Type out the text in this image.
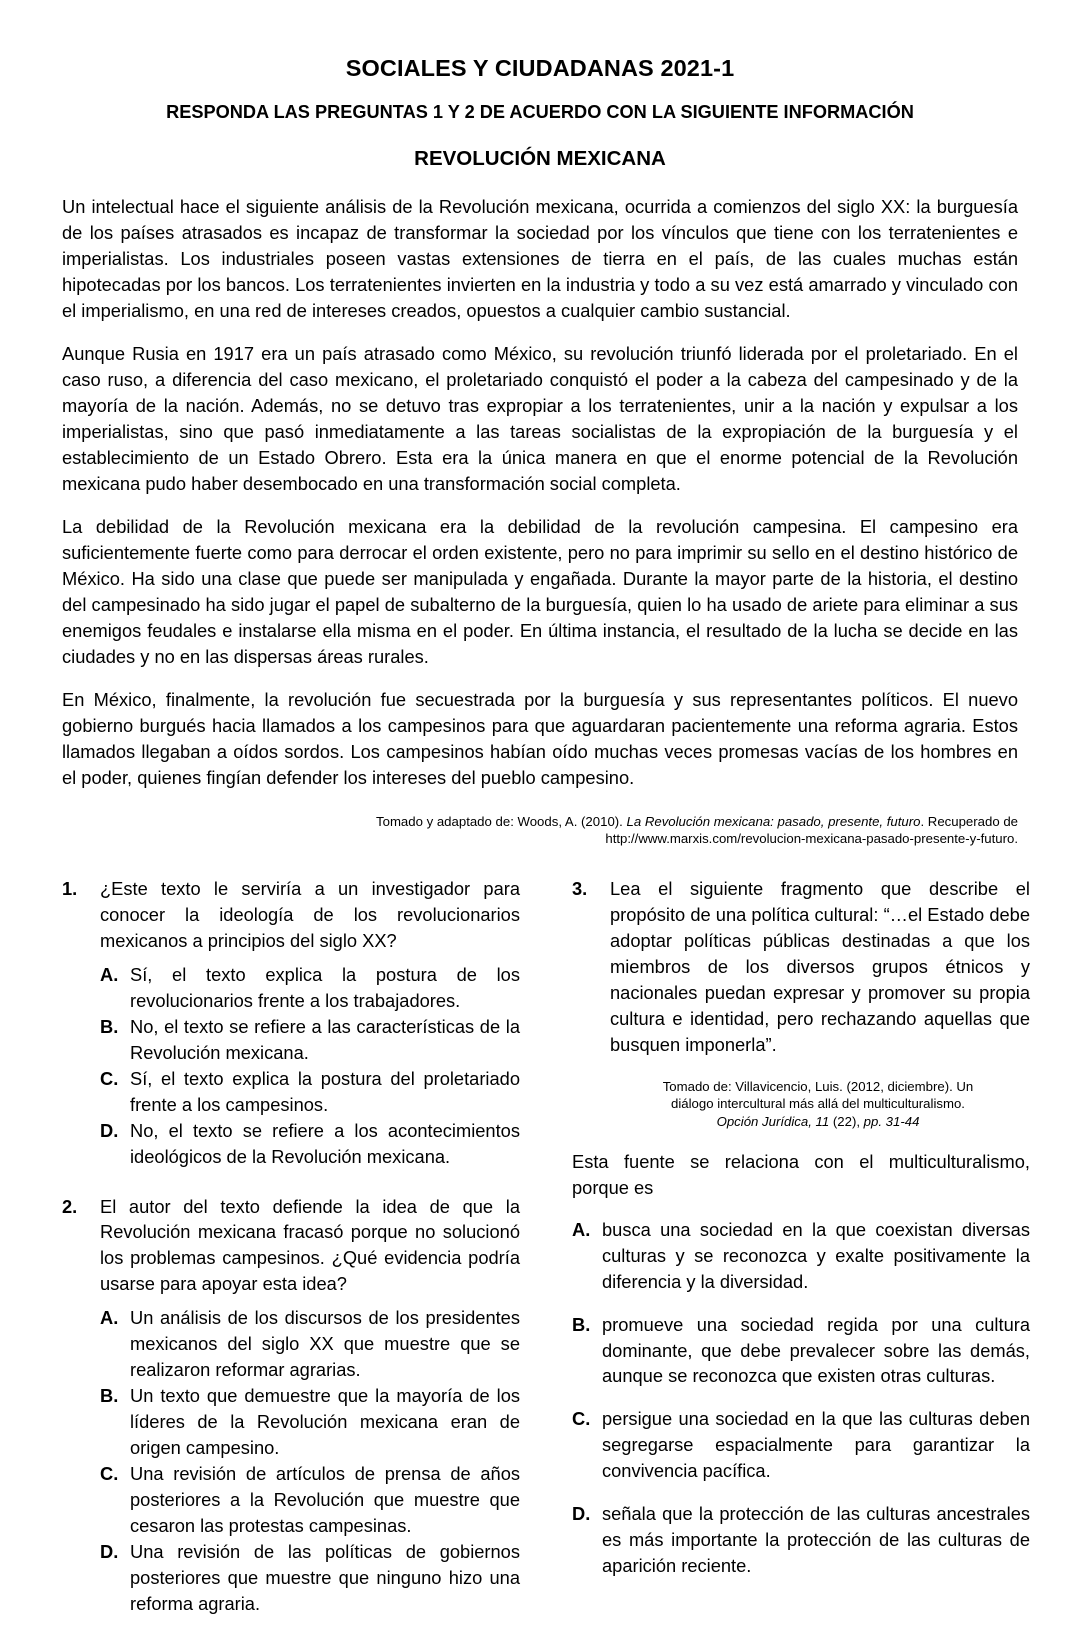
SOCIALES Y CIUDADANAS 2021-1
RESPONDA LAS PREGUNTAS 1 Y 2 DE ACUERDO CON LA SIGUIENTE INFORMACIÓN
REVOLUCIÓN MEXICANA

Un intelectual hace el siguiente análisis de la Revolución mexicana, ocurrida a comienzos del siglo XX: la burguesía de los países atrasados es incapaz de transformar la sociedad por los vínculos que tiene con los terratenientes e imperialistas. Los industriales poseen vastas extensiones de tierra en el país, de las cuales muchas están hipotecadas por los bancos. Los terratenientes invierten en la industria y todo a su vez está amarrado y vinculado con el imperialismo, en una red de intereses creados, opuestos a cualquier cambio sustancial.

Aunque Rusia en 1917 era un país atrasado como México, su revolución triunfó liderada por el proletariado. En el caso ruso, a diferencia del caso mexicano, el proletariado conquistó el poder a la cabeza del campesinado y de la mayoría de la nación. Además, no se detuvo tras expropiar a los terratenientes, unir a la nación y expulsar a los imperialistas, sino que pasó inmediatamente a las tareas socialistas de la expropiación de la burguesía y el establecimiento de un Estado Obrero. Esta era la única manera en que el enorme potencial de la Revolución mexicana pudo haber desembocado en una transformación social completa.

La debilidad de la Revolución mexicana era la debilidad de la revolución campesina. El campesino era suficientemente fuerte como para derrocar el orden existente, pero no para imprimir su sello en el destino histórico de México. Ha sido una clase que puede ser manipulada y engañada. Durante la mayor parte de la historia, el destino del campesinado ha sido jugar el papel de subalterno de la burguesía, quien lo ha usado de ariete para eliminar a sus enemigos feudales e instalarse ella misma en el poder. En última instancia, el resultado de la lucha se decide en las ciudades y no en las dispersas áreas rurales.

En México, finalmente, la revolución fue secuestrada por la burguesía y sus representantes políticos. El nuevo gobierno burgués hacia llamados a los campesinos para que aguardaran pacientemente una reforma agraria. Estos llamados llegaban a oídos sordos. Los campesinos habían oído muchas veces promesas vacías de los hombres en el poder, quienes fingían defender los intereses del pueblo campesino.

Tomado y adaptado de: Woods, A. (2010). La Revolución mexicana: pasado, presente, futuro. Recuperado de
http://www.marxis.com/revolucion-mexicana-pasado-presente-y-futuro.
1.	¿Este texto le serviría a un investigador para conocer la ideología de los revolucionarios mexicanos a principios del siglo XX?
A. Sí, el texto explica la postura de los revolucionarios frente a los trabajadores.
B. No, el texto se refiere a las características de la Revolución mexicana.
C. Sí, el texto explica la postura del proletariado frente a los campesinos.
D. No, el texto se refiere a los acontecimientos ideológicos de la Revolución mexicana.
2.	El autor del texto defiende la idea de que la Revolución mexicana fracasó porque no solucionó los problemas campesinos. ¿Qué evidencia podría usarse para apoyar esta idea?
A. Un análisis de los discursos de los presidentes mexicanos del siglo XX que muestre que se realizaron reformar agrarias.
B. Un texto que demuestre que la mayoría de los líderes de la Revolución mexicana eran de origen campesino.
C. Una revisión de artículos de prensa de años posteriores a la Revolución que muestre que cesaron las protestas campesinas.
D. Una revisión de las políticas de gobiernos posteriores que muestre que ninguno hizo una reforma agraria.
3.	Lea el siguiente fragmento que describe el propósito de una política cultural: “…el Estado debe adoptar políticas públicas destinadas a que los miembros de los diversos grupos étnicos y nacionales puedan expresar y promover su propia cultura e identidad, pero rechazando aquellas que busquen imponerla”.
Tomado de: Villavicencio, Luis. (2012, diciembre). Un
diálogo intercultural más allá del multiculturalismo.
Opción Jurídica, 11 (22), pp. 31-44
Esta fuente se relaciona con el multiculturalismo, porque es
A. busca una sociedad en la que coexistan diversas culturas y se reconozca y exalte positivamente la diferencia y la diversidad.
B. promueve una sociedad regida por una cultura dominante, que debe prevalecer sobre las demás, aunque se reconozca que existen otras culturas.
C. persigue una sociedad en la que las culturas deben segregarse espacialmente para garantizar la convivencia pacífica.
D. señala que la protección de las culturas ancestrales es más importante la protección de las culturas de aparición reciente.
